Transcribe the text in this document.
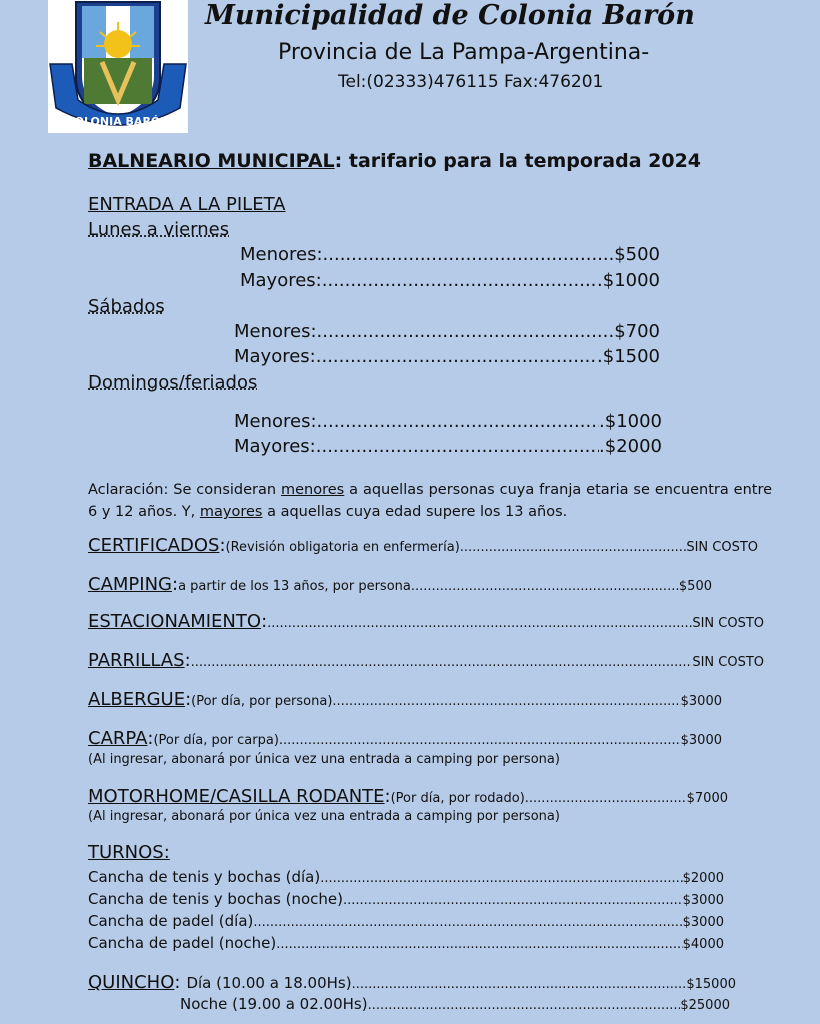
COLONIA BARÓN
Municipalidad de Colonia Barón
Provincia de La Pampa-Argentina-
Tel:(02333)476115 Fax:476201
BALNEARIO MUNICIPAL: tarifario para la temporada 2024
ENTRADA A LA PILETA
Lunes a viernes
Menores: .....	$500
Mayores: .....	.$1000
Sábados
Menores: .....	.$700
Mayores: .....	.$1500
Domingos/feriados
Menores: .....	.$1000
Mayores: .....	.$2000
Aclaración: Se consideran menores a aquellas personas cuya franja etaria se encuentra entre 6 y 12 años. Y, mayores a aquellas cuya edad supere los 13 años.
CERTIFICADOS : (Revisión obligatoria en enfermería) .....	SIN COSTO
CAMPING : a partir de los 13 años, por persona .....	$500
ESTACIONAMIENTO : .....	SIN COSTO
PARRILLAS : .....	SIN COSTO
ALBERGUE : (Por día, por persona) .....	$3000
CARPA : (Por día, por carpa) .....	$3000
(Al ingresar, abonará por única vez una entrada a camping por persona)
MOTORHOME/CASILLA RODANTE : (Por día, por rodado) .....	$7000
(Al ingresar, abonará por única vez una entrada a camping por persona)
TURNOS:
Cancha de tenis y bochas (día) .....	$2000
Cancha de tenis y bochas (noche) .....	$3000
Cancha de padel (día) .....	$3000
Cancha de padel (noche) .....	$4000
QUINCHO : Día (10.00 a 18.00Hs) .....	$15000
Noche (19.00 a 02.00Hs) .....	$25000
